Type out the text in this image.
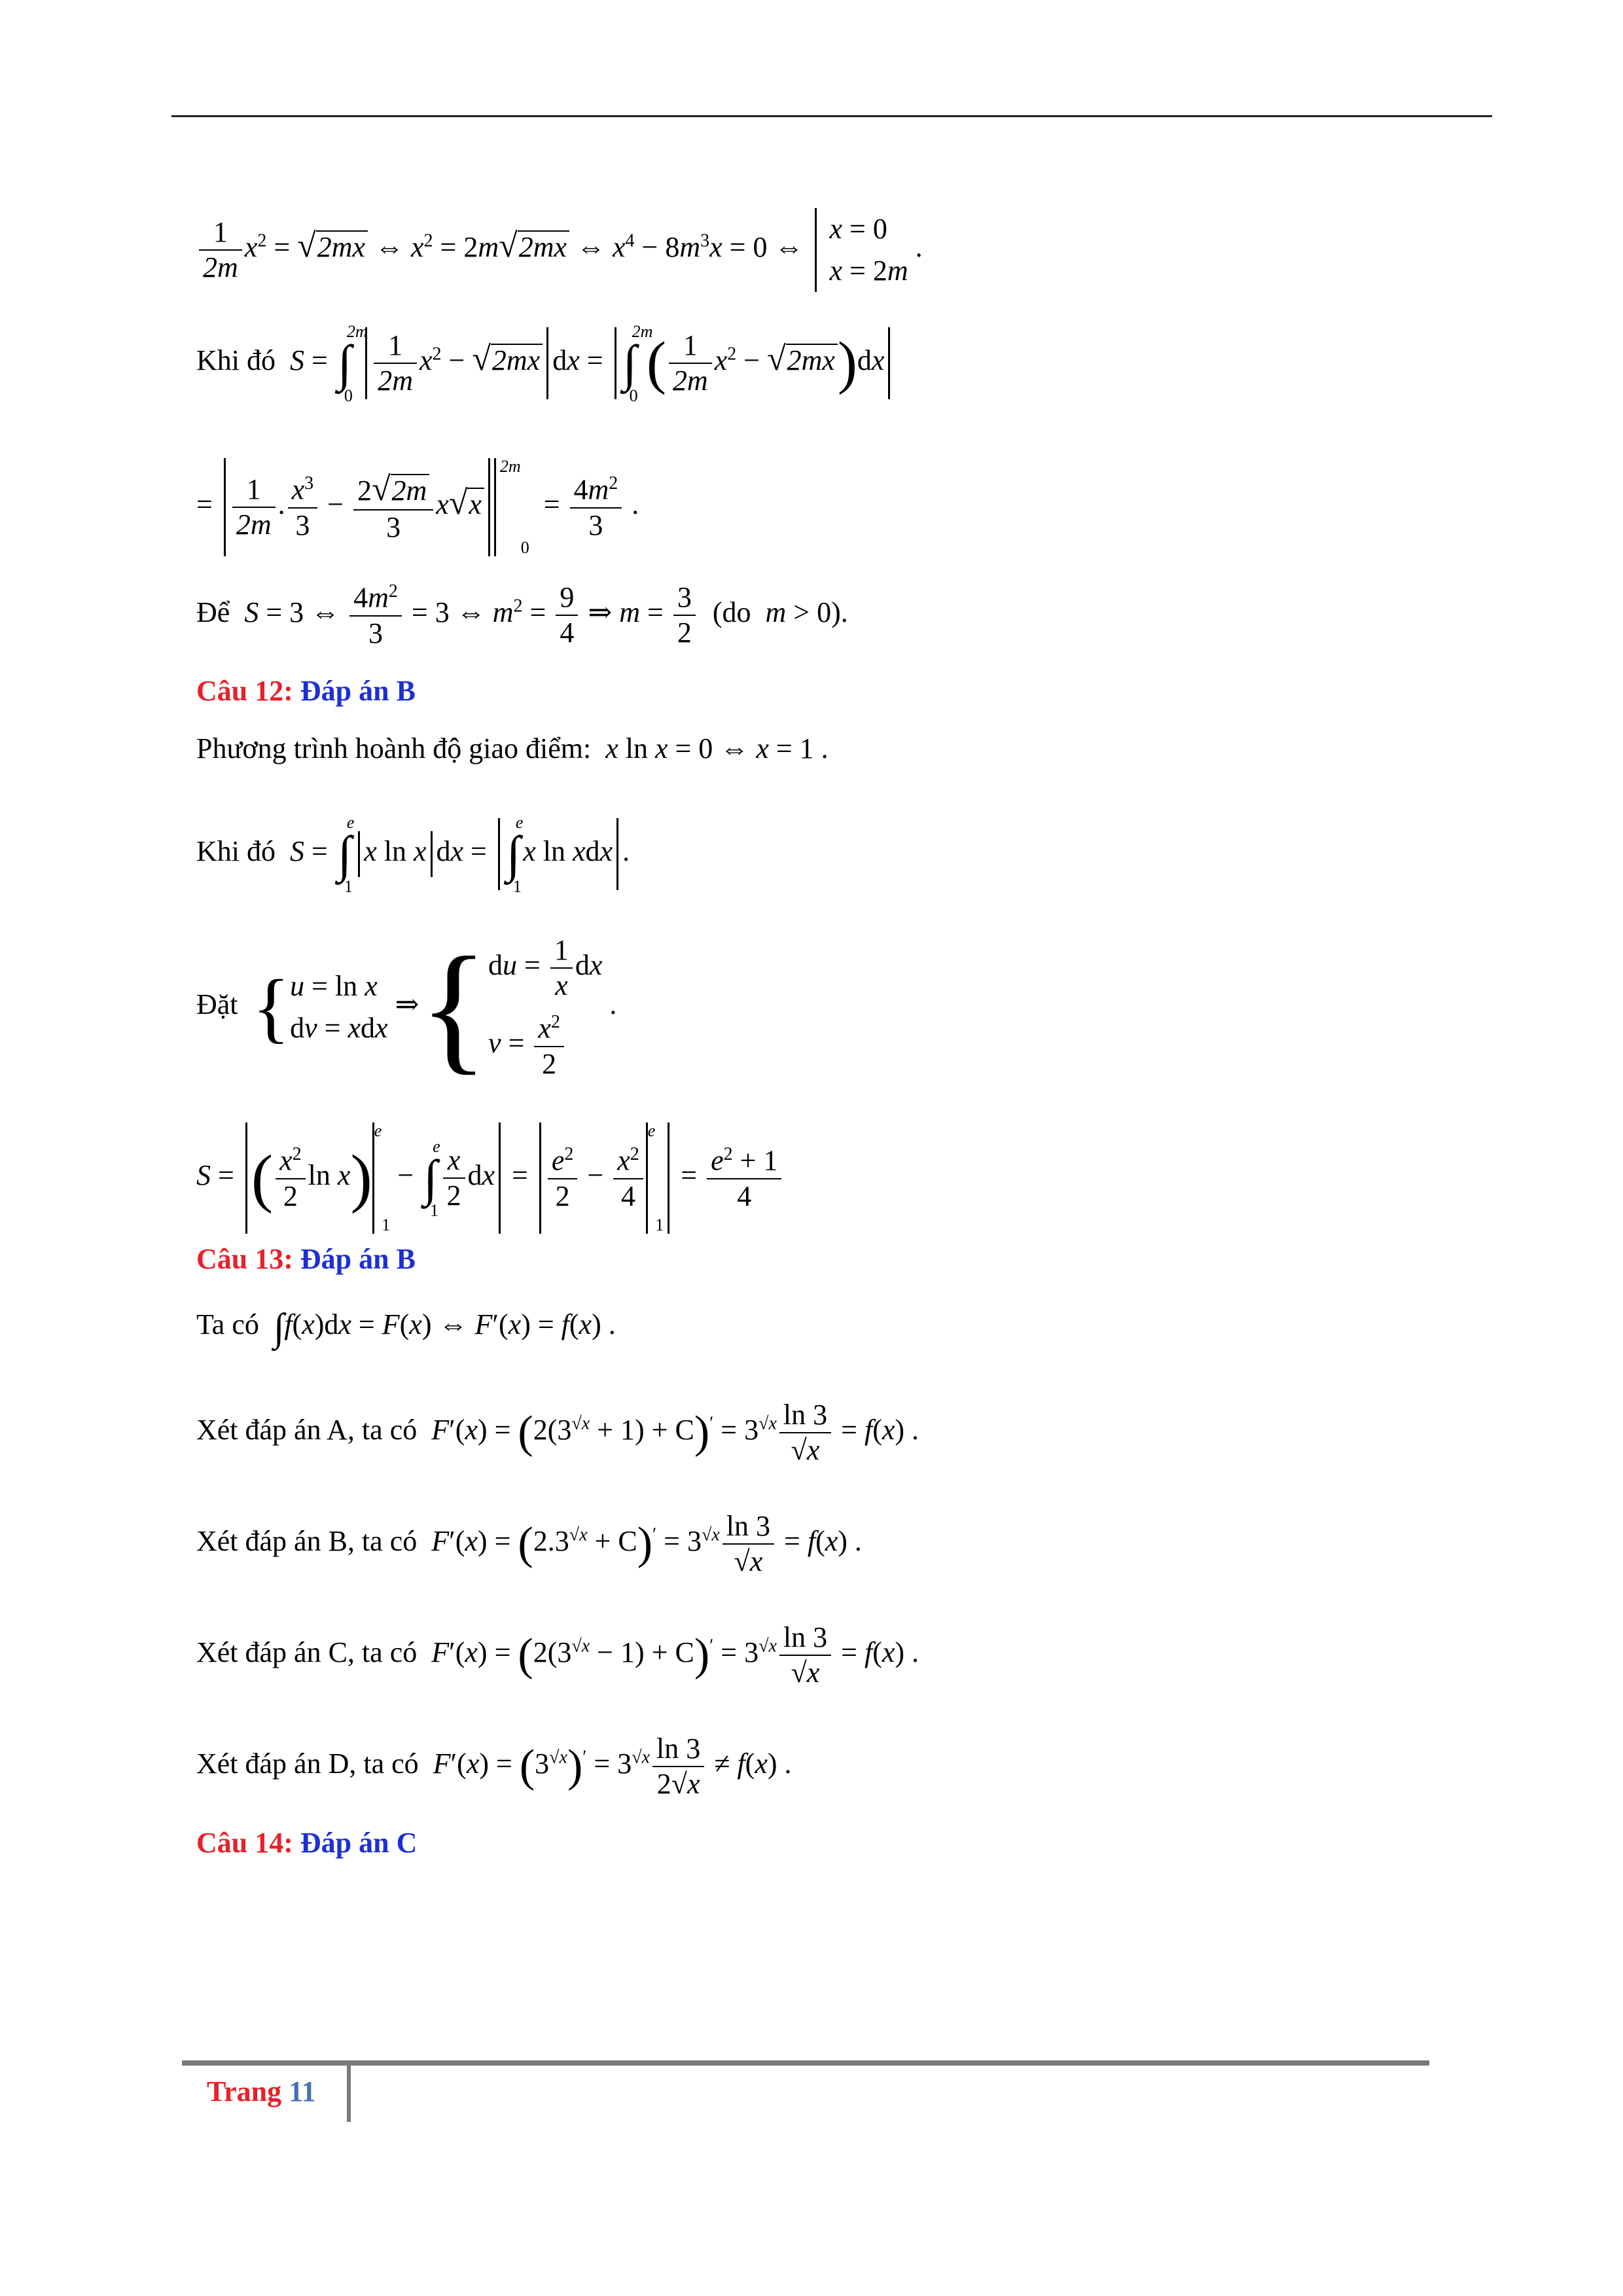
$\frac{1}{2m} x^2 = √2mx$ ⇔ $x^2 = 2m√2mx$ ⇔ $x^4 - 8m^3x = 0$ ⇔
x = 0
x = 2m
.
Khi đó S = ∫
2m
0

$\frac{1}{2m} x^2 - √2mx$ dx = ∫
2m
0
( $\frac{1}{2m} x^2 - √2mx)dx$
= $\frac{1}{2m}$ . $\frac{x^3}{3} - \frac{2√2m}{3} x√x^{2m}0 = \frac{4m^2}{3}$ .
Để S = 3 ⇔ $\frac{4m^2}{3} = 3$ ⇔ $m^2 = \frac{9}{4}$ ⇒ $m = \frac{3}{2} (do$ m > 0).
Câu 12: Đáp án B
Phương trình hoành độ giao điểm: x ln x = 0 ⇔ x = 1 .
Khi đó S = ∫
e
1
x ln x dx = ∫
e
1
x ln xdx .
Đặt { u = ln x
dv = xdx
⇒{ du = $\frac{1}{x}$ dx
$v = \frac{x^2}{2}$
.
S = ( $\frac{x^2}{2}$ ln x)$^e$1 − ∫
e
1
$\frac{x}{2}$ dx = $\frac{e^2}{2} - \frac{x^2}{4}$
$^e1 = \frac{e^2 + 1}{4}$
Câu 13: Đáp án B
Ta có ∫f(x)dx = F(x) ⇔ F′(x) = f(x) .
Xét đáp án A, ta có $F'(x) = (2(3^{√x} + 1) + C)' = 3^{√x} \frac{\ln 3}{√x} = f(x)$ .
Xét đáp án B, ta có $F'(x) = (2.3^{√x} + C)' = 3^{√x} \frac{\ln 3}{√x} = f(x)$ .
Xét đáp án C, ta có $F'(x) = (2(3^{√x} - 1) + C)' = 3^{√x} \frac{\ln 3}{√x} = f(x)$ .
Xét đáp án D, ta có $F'(x) = (3^{√x})' = 3^{√x} \frac{\ln 3}{2√x} \ne f(x)$ .
Câu 14: Đáp án C
Trang 11
